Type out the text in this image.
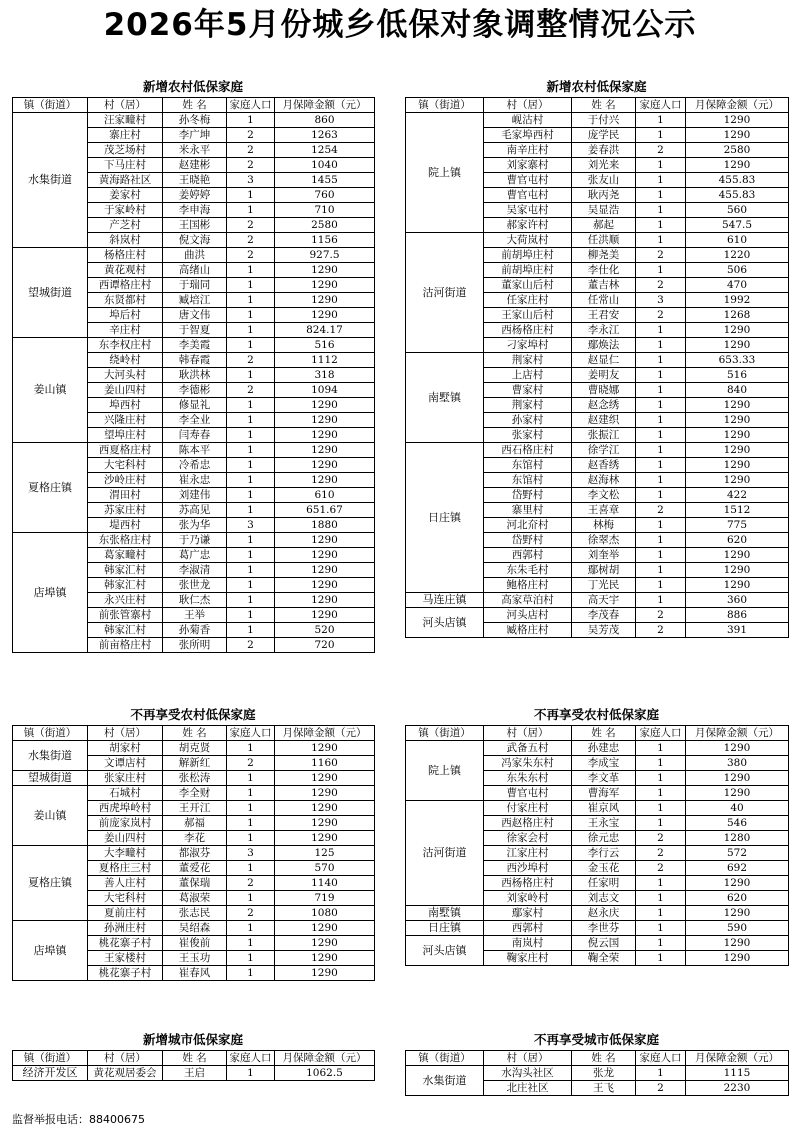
2026年5月份城乡低保对象调整情况公示
新增农村低保家庭
镇（街道）	村（居）	姓 名	家庭人口	月保障金额（元）
水集街道	汪家疃村	孙冬梅	1	860
	寨庄村	李广坤	2	1263
	茂芝场村	米永平	2	1254
	下马庄村	赵建彬	2	1040
	黄海路社区	王晓艳	3	1455
	姜家村	姜婷婷	1	760
	于家岭村	李申海	1	710
	产芝村	王国彬	2	2580
	斜岚村	倪文海	2	1156
望城街道	杨格庄村	曲洪	2	927.5
	黄花观村	高绪山	1	1290
	西谭格庄村	于瑞同	1	1290
	东贤都村	臧培江	1	1290
	埠后村	唐文伟	1	1290
	辛庄村	于智夏	1	824.17
姜山镇	东李权庄村	李美霞	1	516
	绕岭村	韩春霞	2	1112
	大河头村	耿洪林	1	318
	姜山四村	李德彬	2	1094
	埠西村	修显礼	1	1290
	兴隆庄村	李全业	1	1290
	望埠庄村	闫寿春	1	1290
夏格庄镇	西夏格庄村	陈本平	1	1290
	大宅科村	冷希忠	1	1290
	沙岭庄村	崔永忠	1	1290
	渭田村	刘建伟	1	610
	苏家庄村	苏高见	1	651.67
	堤西村	张为华	3	1880
店埠镇	东张格庄村	于乃谦	1	1290
	葛家疃村	葛广忠	1	1290
	韩家汇村	李淑清	1	1290
	韩家汇村	张世龙	1	1290
	永兴庄村	耿仁杰	1	1290
	前张管寨村	王举	1	1290
	韩家汇村	孙菊香	1	520
	前亩格庄村	张所明	2	720
新增农村低保家庭
镇（街道）	村（居）	姓 名	家庭人口	月保障金额（元）
院上镇	岘沽村	于付兴	1	1290
	毛家埠西村	庞学民	1	1290
	南辛庄村	姜春洪	2	2580
	刘家寨村	刘光来	1	1290
	曹官屯村	张友山	1	455.83
	曹官屯村	耿丙尧	1	455.83
	吴家屯村	吴显浩	1	560
	郝家许村	郝起	1	547.5
沽河街道	大荷岚村	任洪顺	1	610
	前胡埠庄村	柳尧美	2	1220
	前胡埠庄村	李仕化	1	506
	董家山后村	董吉林	2	470
	任家庄村	任常山	3	1992
	王家山后村	王君安	2	1268
	西杨格庄村	李永江	1	1290
	刁家埠村	鄢焕法	1	1290
南墅镇	荆家村	赵显仁	1	653.33
	上店村	姜明友	1	516
	曹家村	曹晓娜	1	840
	荆家村	赵念绣	1	1290
	孙家村	赵建织	1	1290
	张家村	张振江	1	1290
日庄镇	西石格庄村	徐学江	1	1290
	东馆村	赵香绣	1	1290
	东馆村	赵海林	1	1290
	岱野村	李文松	1	422
	寨里村	王喜章	2	1512
	河北夼村	林梅	1	775
	岱野村	徐翠杰	1	620
	西郭村	刘奎举	1	1290
	东朱毛村	鄢树胡	1	1290
	鲍格庄村	丁光民	1	1290
马连庄镇	高家草泊村	高天宇	1	360
河头店镇	河头店村	李茂春	2	886
	臧格庄村	吴芳茂	2	391
不再享受农村低保家庭
镇（街道）	村（居）	姓 名	家庭人口	月保障金额（元）
水集街道	胡家村	胡克贤	1	1290
	文谭店村	解新红	2	1160
望城街道	张家庄村	张松涛	1	1290
姜山镇	石城村	李全财	1	1290
	西虎埠岭村	王开江	1	1290
	前庞家岚村	郝福	1	1290
	姜山四村	李花	1	1290
夏格庄镇	大李疃村	都淑芬	3	125
	夏格庄三村	董爱花	1	570
	善人庄村	董保瑞	2	1140
	大宅科村	葛淑荣	1	719
	夏前庄村	张志民	2	1080
店埠镇	孙洲庄村	吴绍森	1	1290
	桃花寨子村	崔俊前	1	1290
	王家楼村	王玉功	1	1290
	桃花寨子村	崔春风	1	1290
不再享受农村低保家庭
镇（街道）	村（居）	姓 名	家庭人口	月保障金额（元）
院上镇	武备五村	孙建忠	1	1290
	冯家朱东村	李成宝	1	380
	东朱东村	李文革	1	1290
	曹官屯村	曹海军	1	1290
沽河街道	付家庄村	崔京风	1	40
	西赵格庄村	王永宝	1	546
	徐家会村	徐元忠	2	1280
	江家庄村	李行云	2	572
	西沙埠村	金玉花	2	692
	西杨格庄村	任家明	1	1290
	刘家岭村	刘志文	1	620
南墅镇	鄢家村	赵永庆	1	1290
日庄镇	西郭村	李世芬	1	590
河头店镇	南岚村	倪云国	1	1290
	鞠家庄村	鞠全荣	1	1290
新增城市低保家庭
镇（街道）	村（居）	姓 名	家庭人口	月保障金额（元）
经济开发区	黄花观居委会	王启	1	1062.5
不再享受城市低保家庭
镇（街道）	村（居）	姓 名	家庭人口	月保障金额（元）
水集街道	水沟头社区	张龙	1	1115
	北庄社区	王飞	2	2230
监督举报电话：88400675
